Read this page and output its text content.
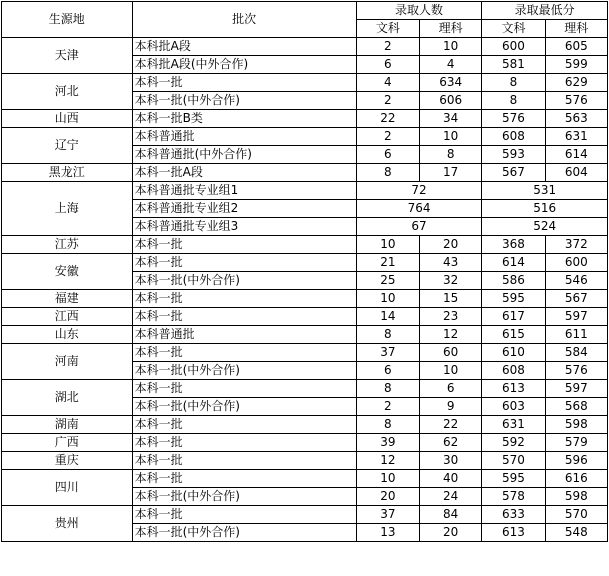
生源地	批次	录取人数		录取最低分	
		文科	理科	文科	理科
天津	本科批A段	2	10	600	605
	本科批A段(中外合作)	6	4	581	599
河北	本科一批	4	634	8	629
	本科一批(中外合作)	2	606	8	576
山西	本科一批B类	22	34	576	563
辽宁	本科普通批	2	10	608	631
	本科普通批(中外合作)	6	8	593	614
黑龙江	本科一批A段	8	17	567	604
上海	本科普通批专业组1	72		531	
	本科普通批专业组2	764		516	
	本科普通批专业组3	67		524	
江苏	本科一批	10	20	368	372
安徽	本科一批	21	43	614	600
	本科一批(中外合作)	25	32	586	546
福建	本科一批	10	15	595	567
江西	本科一批	14	23	617	597
山东	本科普通批	8	12	615	611
河南	本科一批	37	60	610	584
	本科一批(中外合作)	6	10	608	576
湖北	本科一批	8	6	613	597
	本科一批(中外合作)	2	9	603	568
湖南	本科一批	8	22	631	598
广西	本科一批	39	62	592	579
重庆	本科一批	12	30	570	596
四川	本科一批	10	40	595	616
	本科一批(中外合作)	20	24	578	598
贵州	本科一批	37	84	633	570
	本科一批(中外合作)	13	20	613	548
